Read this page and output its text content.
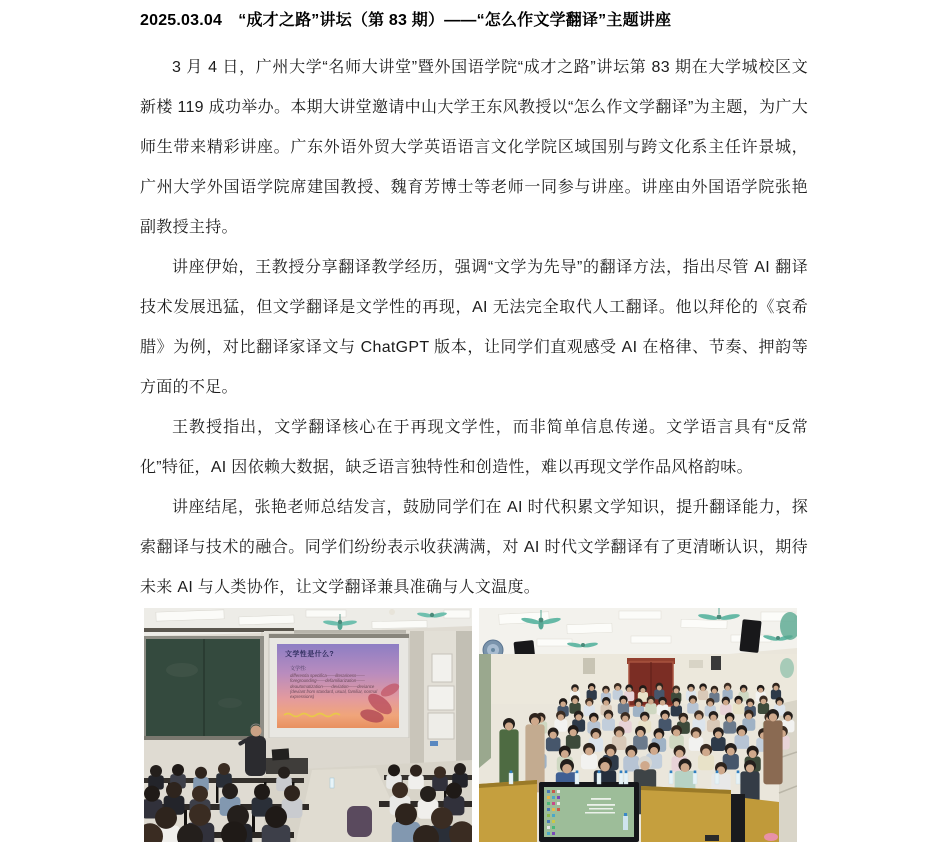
2025.03.04　“成才之路”讲坛（第 83 期）——“怎么作文学翻译”主题讲座

3 月 4 日，广州大学“名师大讲堂”暨外国语学院“成才之路”讲坛第 83 期在大学城校区文新楼 119 成功举办。本期大讲堂邀请中山大学王东风教授以“怎么作文学翻译”为主题，为广大师生带来精彩讲座。广东外语外贸大学英语语言文化学院区域国别与跨文化系主任许景城，广州大学外国语学院席建国教授、魏育芳博士等老师一同参与讲座。讲座由外国语学院张艳副教授主持。

讲座伊始，王教授分享翻译教学经历，强调“文学为先导”的翻译方法，指出尽管 AI 翻译技术发展迅猛，但文学翻译是文学性的再现，AI 无法完全取代人工翻译。他以拜伦的《哀希腊》为例，对比翻译家译文与 ChatGPT 版本，让同学们直观感受 AI 在格律、节奏、押韵等方面的不足。

王教授指出，文学翻译核心在于再现文学性，而非简单信息传递。文学语言具有“反常化”特征，AI 因依赖大数据，缺乏语言独特性和创造性，难以再现文学作品风格韵味。

讲座结尾，张艳老师总结发言，鼓励同学们在 AI 时代积累文学知识，提升翻译能力，探索翻译与技术的融合。同学们纷纷表示收获满满，对 AI 时代文学翻译有了更清晰认识，期待未来 AI 与人类协作，让文学翻译兼具准确与人文温度。

文学性是什么?
文学性:
differentia specifica——literariness——foregrounding——defamiliarization——deautomatization——deviation——deviance (deviant from standard, usual, familiar, normal expressions)
